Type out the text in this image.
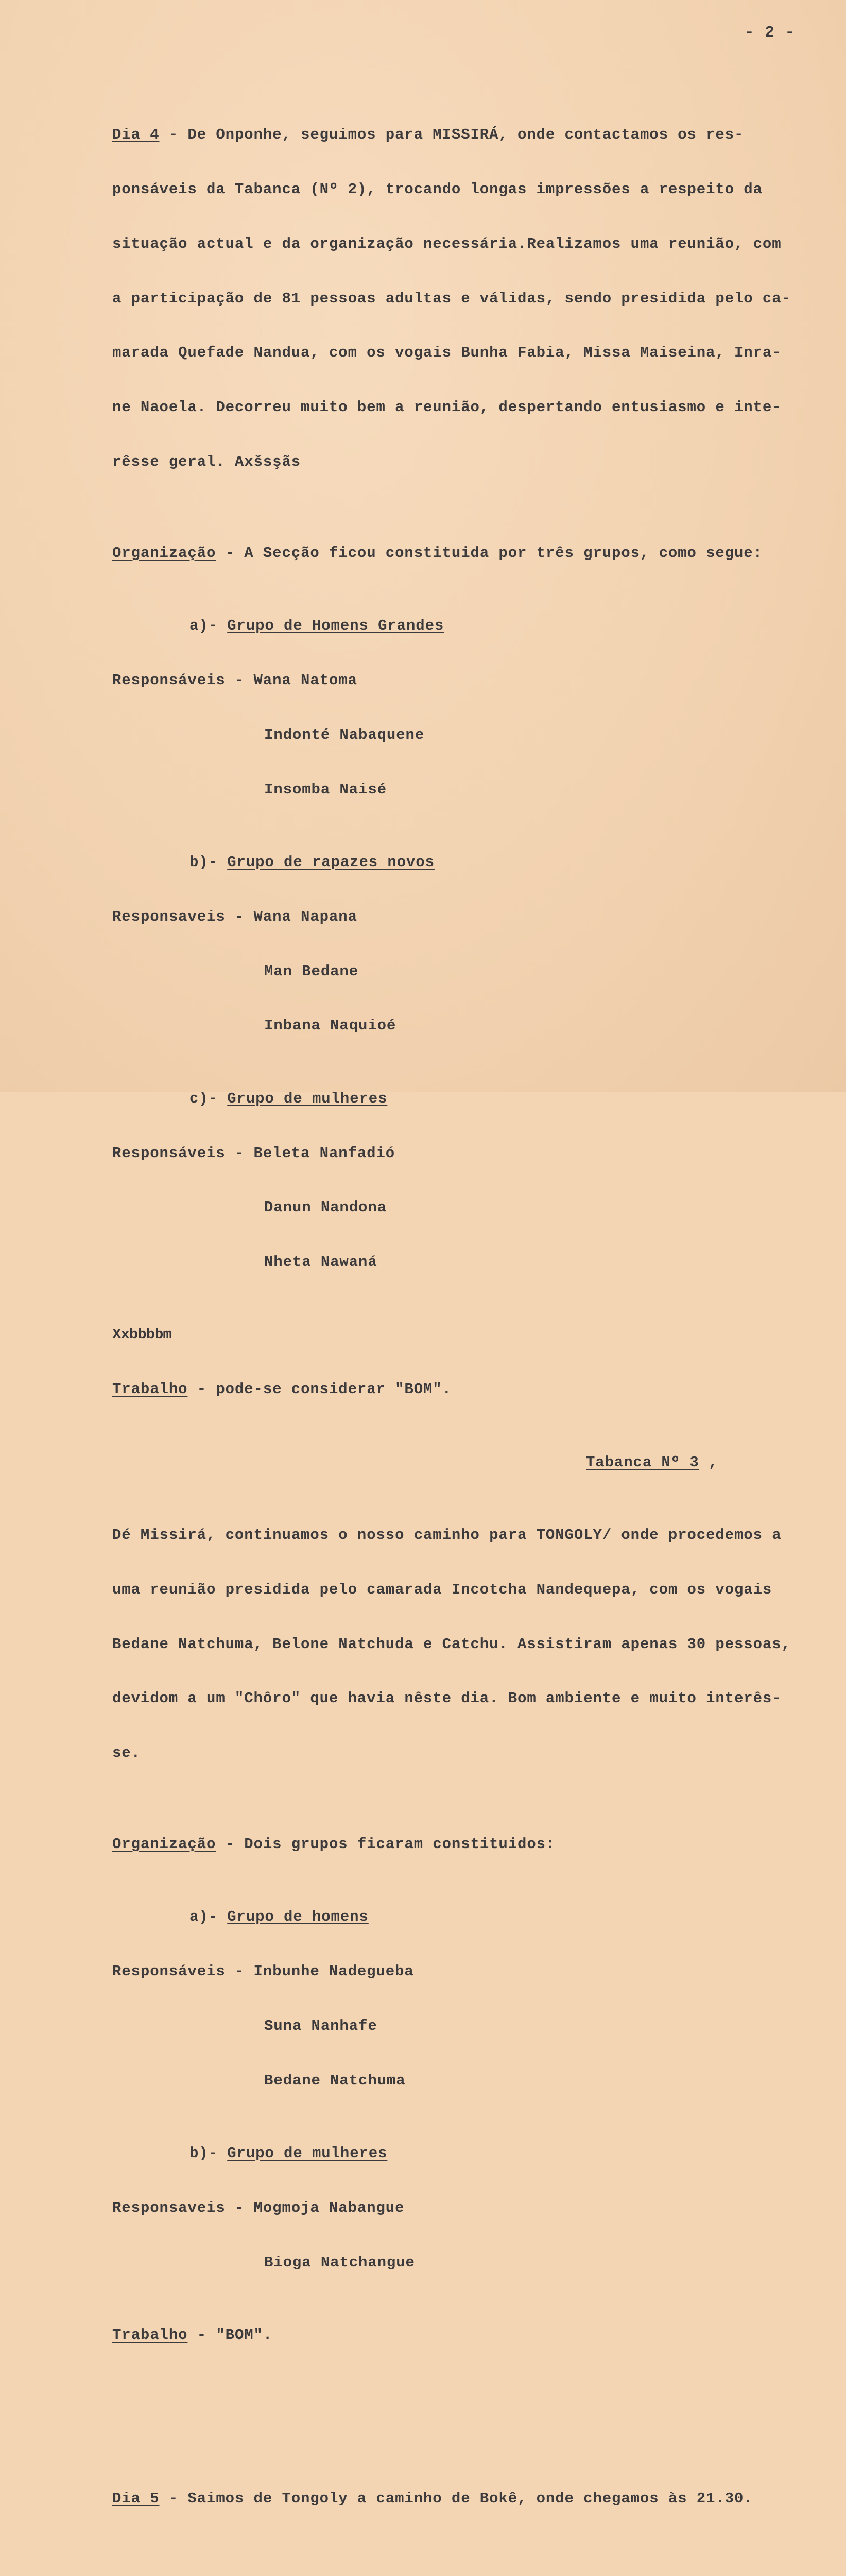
- 2 -

Dia 4 - De Onponhe, seguimos para MISSIRÁ, onde contactamos os res-

ponsáveis da Tabanca (Nº 2), trocando longas impressões a respeito da

situação actual e da organização necessária.Realizamos uma reunião, com

a participação de 81 pessoas adultas e válidas, sendo presidida pelo ca-

marada Quefade Nandua, com os vogais Bunha Fabia, Missa Maiseina, Inra-

ne Naoela. Decorreu muito bem a reunião, despertando entusiasmo e inte-

rêsse geral. Axšsşãs

Organização - A Secção ficou constituida por três grupos, como segue:

a)- Grupo de Homens Grandes

Responsáveis - Wana Natoma

Indonté Nabaquene

Insomba Naisé

b)- Grupo de rapazes novos

Responsaveis - Wana Napana

Man Bedane

Inbana Naquioé

c)- Grupo de mulheres

Responsáveis - Beleta Nanfadió

Danun Nandona

Nheta Nawaná

Xxbbbbm

Trabalho - pode-se considerar "BOM".

Tabanca Nº 3 ,

Dé Missirá, continuamos o nosso caminho para TONGOLY/ onde procedemos a

uma reunião presidida pelo camarada Incotcha Nandequepa, com os vogais

Bedane Natchuma, Belone Natchuda e Catchu. Assistiram apenas 30 pessoas,

devidom a um "Chôro" que havia nêste dia. Bom ambiente e muito interês-

se.

Organização - Dois grupos ficaram constituidos:

a)- Grupo de homens

Responsáveis - Inbunhe Nadegueba

Suna Nanhafe

Bedane Natchuma

b)- Grupo de mulheres

Responsaveis - Mogmoja Nabangue

Bioga Natchangue

Trabalho - "BOM".

Dia 5 - Saimos de Tongoly a caminho de Bokê, onde chegamos às 21.30.
